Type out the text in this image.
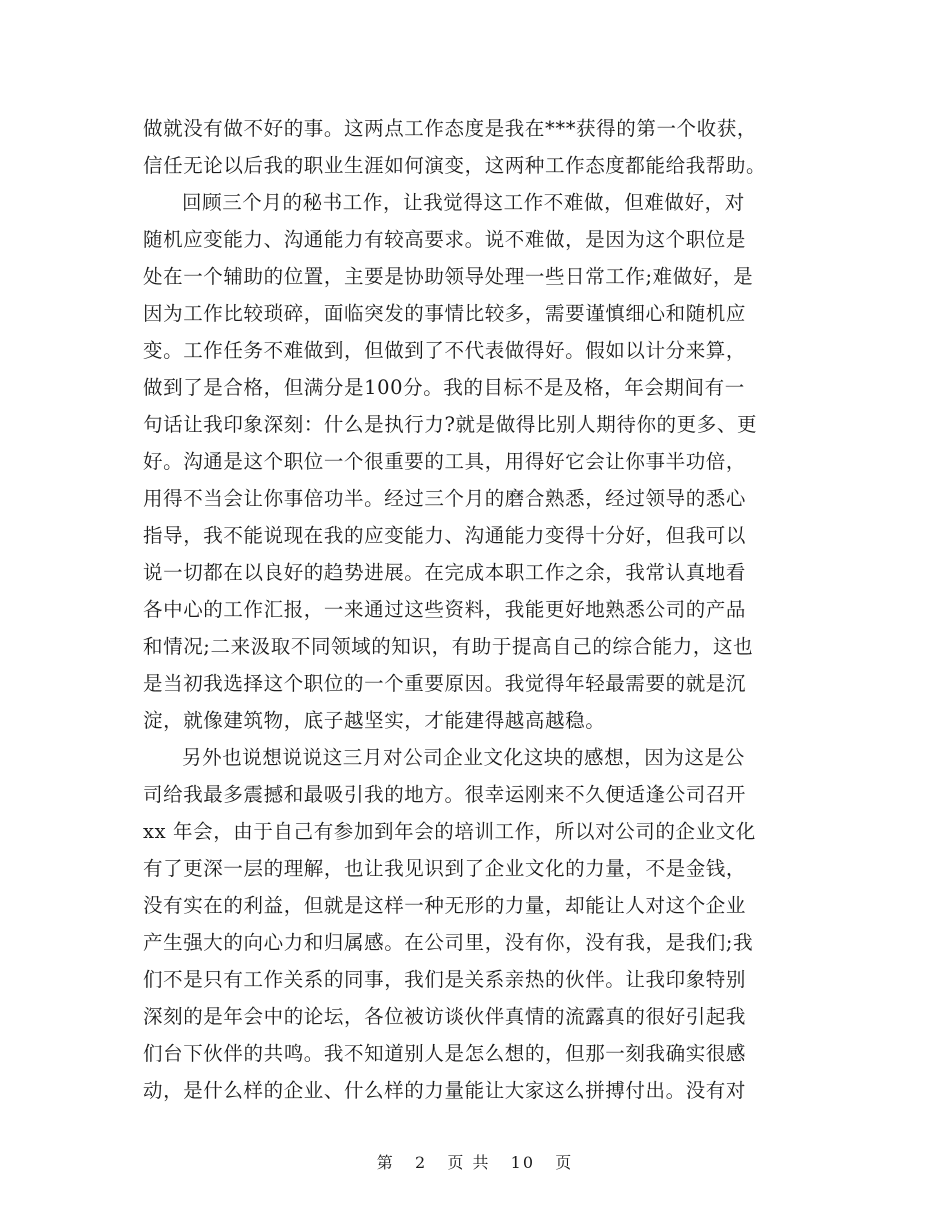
做就没有做不好的事。这两点工作态度是我在***获得的第一个收获，
信任无论以后我的职业生涯如何演变，这两种工作态度都能给我帮助。
回顾三个月的秘书工作，让我觉得这工作不难做，但难做好，对
随机应变能力、沟通能力有较高要求。说不难做，是因为这个职位是
处在一个辅助的位置，主要是协助领导处理一些日常工作;难做好，是
因为工作比较琐碎，面临突发的事情比较多，需要谨慎细心和随机应
变。工作任务不难做到，但做到了不代表做得好。假如以计分来算，
做到了是合格，但满分是100分。我的目标不是及格，年会期间有一
句话让我印象深刻：什么是执行力?就是做得比别人期待你的更多、更
好。沟通是这个职位一个很重要的工具，用得好它会让你事半功倍，
用得不当会让你事倍功半。经过三个月的磨合熟悉，经过领导的悉心
指导，我不能说现在我的应变能力、沟通能力变得十分好，但我可以
说一切都在以良好的趋势进展。在完成本职工作之余，我常认真地看
各中心的工作汇报，一来通过这些资料，我能更好地熟悉公司的产品
和情况;二来汲取不同领域的知识，有助于提高自己的综合能力，这也
是当初我选择这个职位的一个重要原因。我觉得年轻最需要的就是沉
淀，就像建筑物，底子越坚实，才能建得越高越稳。
另外也说想说说这三月对公司企业文化这块的感想，因为这是公
司给我最多震撼和最吸引我的地方。很幸运刚来不久便适逢公司召开
xx 年会，由于自己有参加到年会的培训工作，所以对公司的企业文化
有了更深一层的理解，也让我见识到了企业文化的力量，不是金钱，
没有实在的利益，但就是这样一种无形的力量，却能让人对这个企业
产生强大的向心力和归属感。在公司里，没有你，没有我，是我们;我
们不是只有工作关系的同事，我们是关系亲热的伙伴。让我印象特别
深刻的是年会中的论坛，各位被访谈伙伴真情的流露真的很好引起我
们台下伙伴的共鸣。我不知道别人是怎么想的，但那一刻我确实很感
动，是什么样的企业、什么样的力量能让大家这么拼搏付出。没有对
第 2 页 共 10 页
